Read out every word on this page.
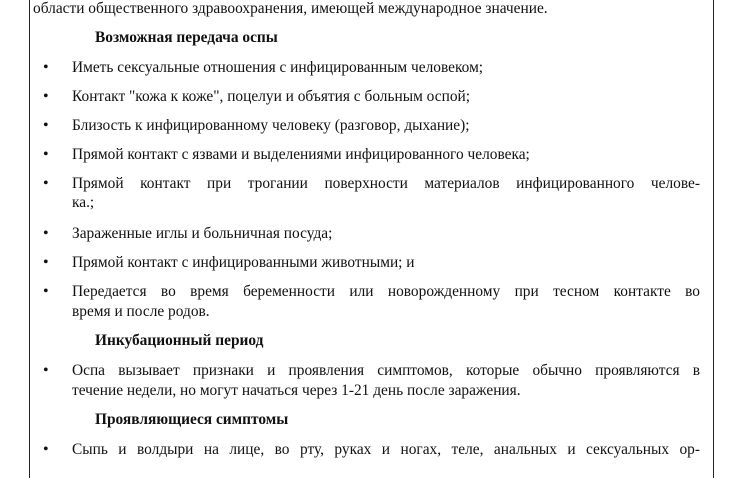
области общественного здравоохранения, имеющей международное значение.
Возможная передача оспы
• Иметь сексуальные отношения с инфицированным человеком;
• Контакт "кожа к коже", поцелуи и объятия с больным оспой;
• Близость к инфицированному человеку (разговор, дыхание);
• Прямой контакт с язвами и выделениями инфицированного человека;
• Прямой контакт при трогании поверхности материалов инфицированного челове-
ка.;
• Зараженные иглы и больничная посуда;
• Прямой контакт с инфицированными животными; и
• Передается во время беременности или новорожденному при тесном контакте во
время и после родов.
Инкубационный период
• Оспа вызывает признаки и проявления симптомов, которые обычно проявляются в
течение недели, но могут начаться через 1-21 день после заражения.
Проявляющиеся симптомы
• Сыпь и волдыри на лице, во рту, руках и ногах, теле, анальных и сексуальных ор-
